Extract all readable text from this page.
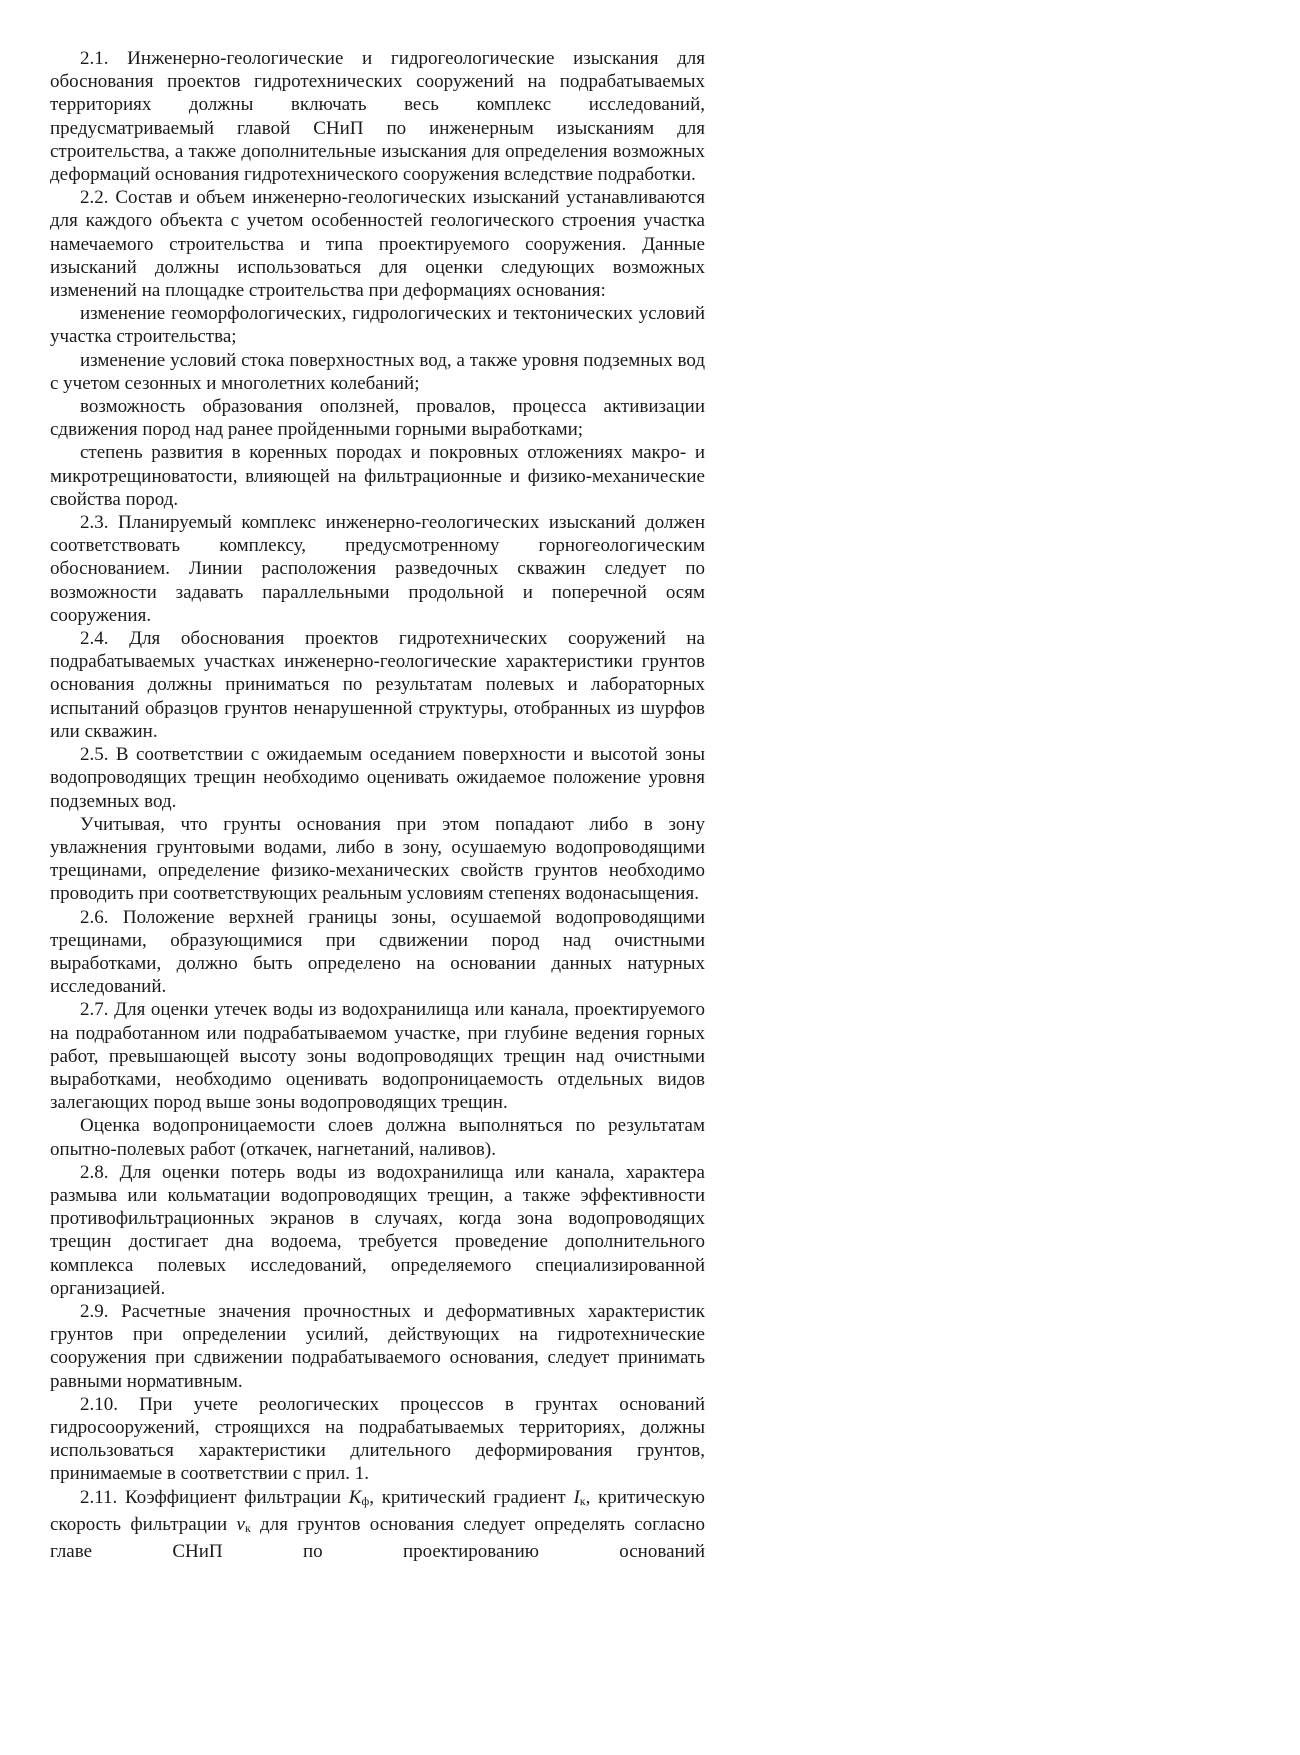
2.1. Инженерно-геологические и гидрогеологические изыскания для обоснования проектов гидротехнических сооружений на подрабатываемых территориях должны включать весь комплекс исследований, предусматриваемый главой СНиП по инженерным изысканиям для строительства, а также дополнительные изыскания для определения возможных деформаций основания гидротехнического сооружения вследствие подработки.

2.2. Состав и объем инженерно-геологических изысканий устанавливаются для каждого объекта с учетом особенностей геологического строения участка намечаемого строительства и типа проектируемого сооружения. Данные изысканий должны использоваться для оценки следующих возможных изменений на площадке строительства при деформациях основания:

изменение геоморфологических, гидрологических и тектонических условий участка строительства;

изменение условий стока поверхностных вод, а также уровня подземных вод с учетом сезонных и многолетних колебаний;

возможность образования оползней, провалов, процесса активизации сдвижения пород над ранее пройденными горными выработками;

степень развития в коренных породах и покровных отложениях макро- и микротрещиноватости, влияющей на фильтрационные и физико-механические свойства пород.

2.3. Планируемый комплекс инженерно-геологических изысканий должен соответствовать комплексу, предусмотренному горногеологическим обоснованием. Линии расположения разведочных скважин следует по возможности задавать параллельными продольной и поперечной осям сооружения.

2.4. Для обоснования проектов гидротехнических сооружений на подрабатываемых участках инженерно-геологические характеристики грунтов основания должны приниматься по результатам полевых и лабораторных испытаний образцов грунтов ненарушенной структуры, отобранных из шурфов или скважин.

2.5. В соответствии с ожидаемым оседанием поверхности и высотой зоны водопроводящих трещин необходимо оценивать ожидаемое положение уровня подземных вод.

Учитывая, что грунты основания при этом попадают либо в зону увлажнения грунтовыми водами, либо в зону, осушаемую водопроводящими трещинами, определение физико-механических свойств грунтов необходимо проводить при соответствующих реальным условиям степенях водонасыщения.

2.6. Положение верхней границы зоны, осушаемой водопроводящими трещинами, образующимися при сдвижении пород над очистными выработками, должно быть определено на основании данных натурных исследований.

2.7. Для оценки утечек воды из водохранилища или канала, проектируемого на подработанном или подрабатываемом участке, при глубине ведения горных работ, превышающей высоту зоны водопроводящих трещин над очистными выработками, необходимо оценивать водопроницаемость отдельных видов залегающих пород выше зоны водопроводящих трещин.

Оценка водопроницаемости слоев должна выполняться по результатам опытно-полевых работ (откачек, нагнетаний, наливов).

2.8. Для оценки потерь воды из водохранилища или канала, характера размыва или кольматации водопроводящих трещин, а также эффективности противофильтрационных экранов в случаях, когда зона водопроводящих трещин достигает дна водоема, требуется проведение дополнительного комплекса полевых исследований, определяемого специализированной организацией.

2.9. Расчетные значения прочностных и деформативных характеристик грунтов при определении усилий, действующих на гидротехнические сооружения при сдвижении подрабатываемого основания, следует принимать равными нормативным.

2.10. При учете реологических процессов в грунтах оснований гидросооружений, строящихся на подрабатываемых территориях, должны использоваться характеристики длительного деформирования грунтов, принимаемые в соответствии с прил. 1.

2.11. Коэффициент фильтрации Kф, критический градиент Iк, критическую скорость фильтрации vк для грунтов основания следует определять согласно главе СНиП по проектированию оснований
